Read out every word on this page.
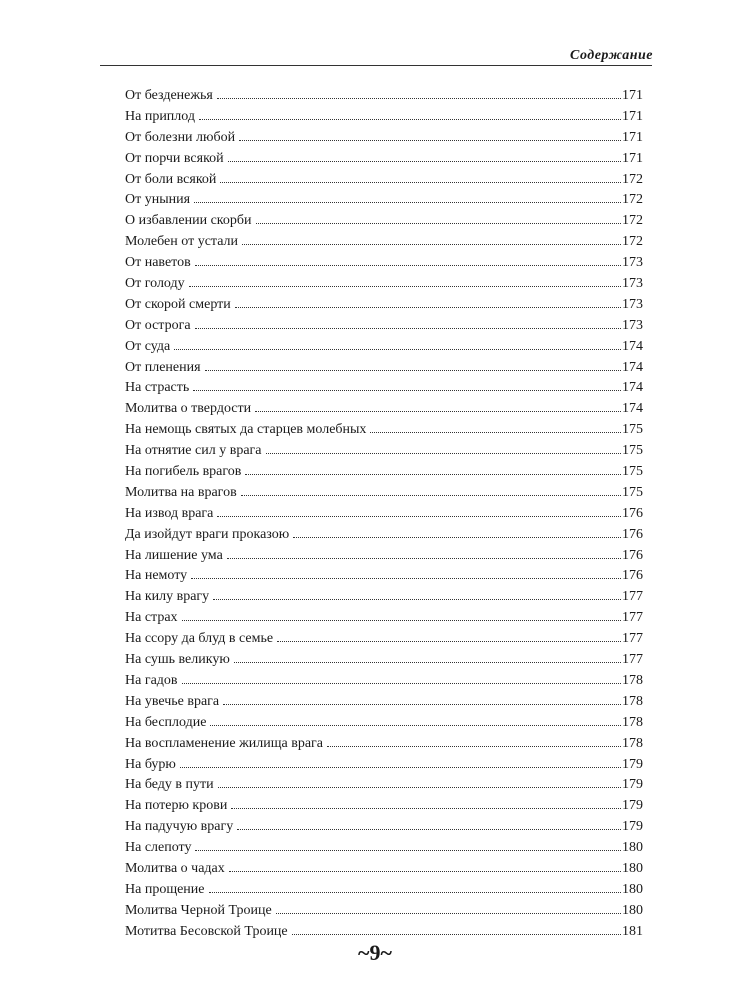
Содержание
От безденежья	171
На приплод	171
От болезни любой	171
От порчи всякой	171
От боли всякой	172
От уныния	172
О избавлении скорби	172
Молебен от устали	172
От наветов	173
От голоду	173
От скорой смерти	173
От острога	173
От суда	174
От пленения	174
На страсть	174
Молитва о твердости	174
На немощь святых да старцев молебных	175
На отнятие сил у врага	175
На погибель врагов	175
Молитва на врагов	175
На извод врага	176
Да изойдут враги проказою	176
На лишение ума	176
На немоту	176
На килу врагу	177
На страх	177
На ссору да блуд в семье	177
На сушь великую	177
На гадов	178
На увечье врага	178
На бесплодие	178
На воспламенение жилища врага	178
На бурю	179
На беду в пути	179
На потерю крови	179
На падучую врагу	179
На слепоту	180
Молитва о чадах	180
На прощение	180
Молитва Черной Троице	180
Мотитва Бесовской Троице	181
~9~
